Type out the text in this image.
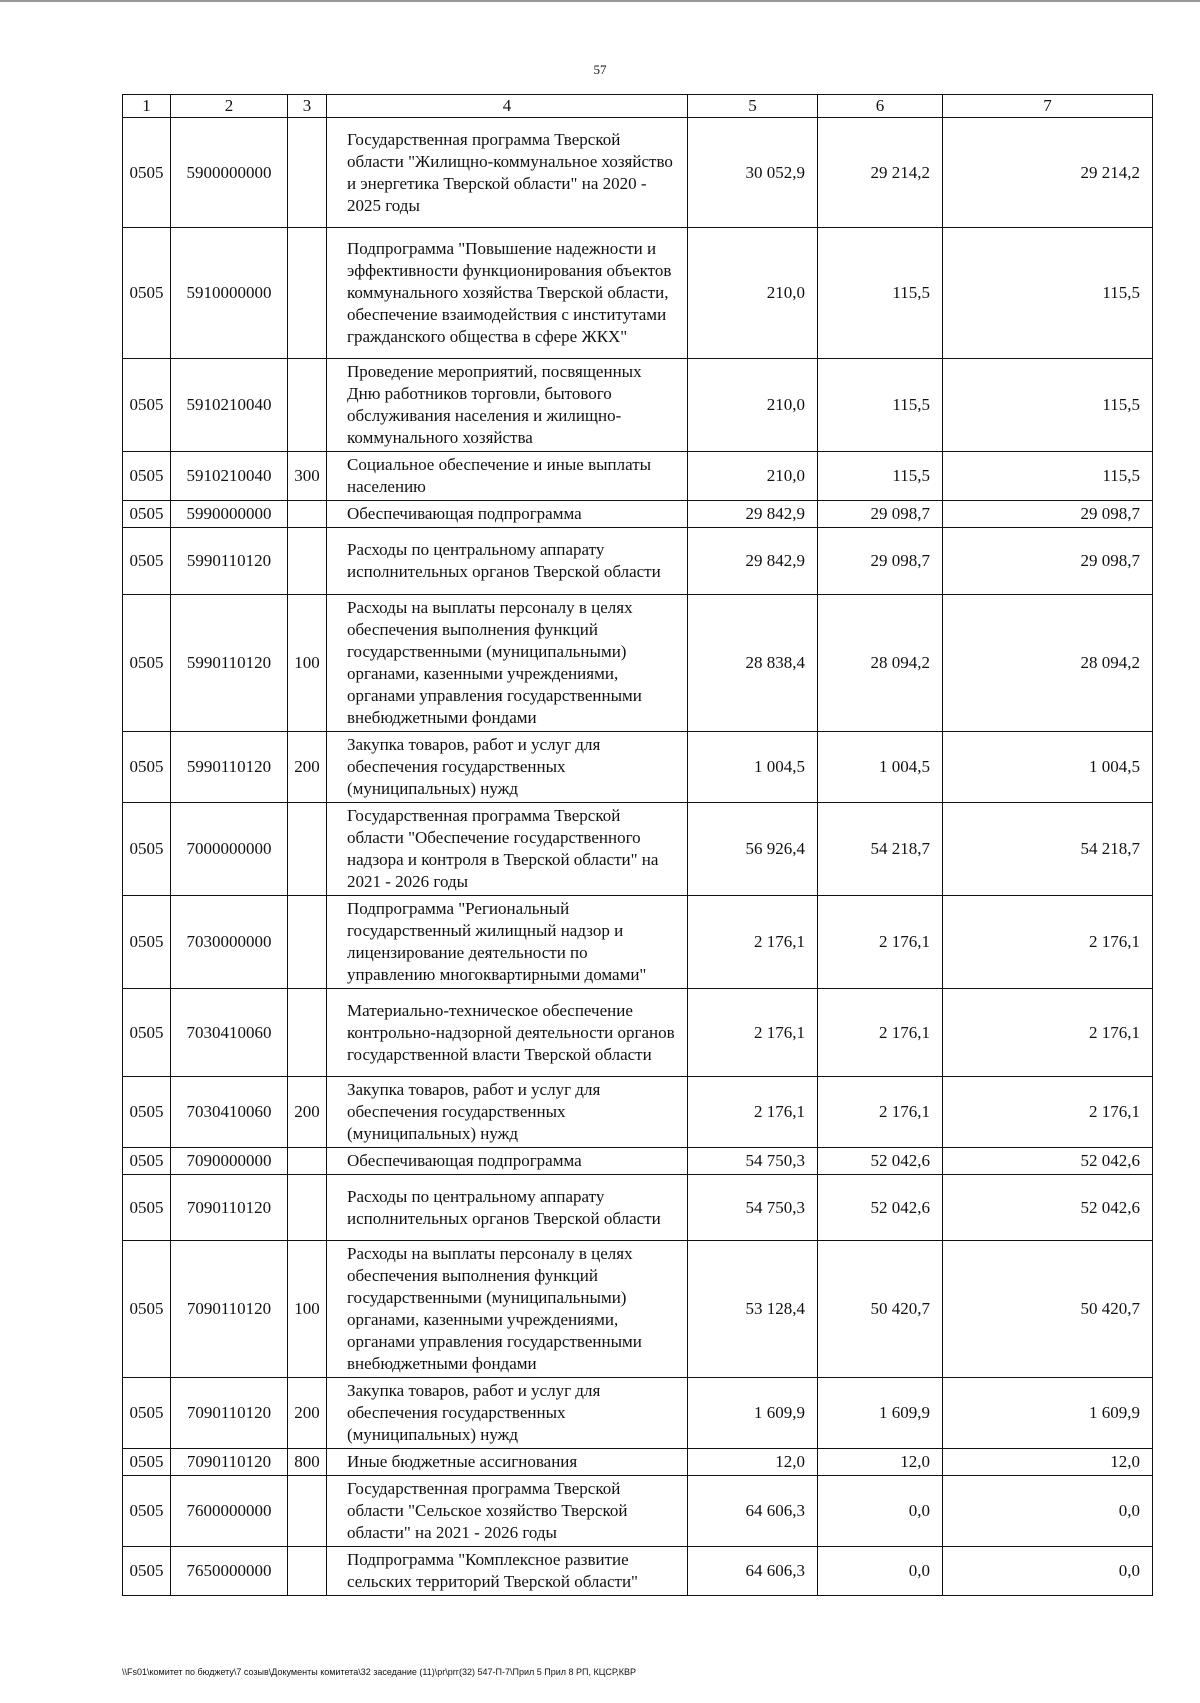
57
1	2	3	4	5	6	7
0505	5900000000		Государственная программа Тверской области "Жилищно-коммунальное хозяйство и энергетика Тверской области" на 2020 - 2025 годы	30 052,9	29 214,2	29 214,2
0505	5910000000		Подпрограмма "Повышение надежности и эффективности функционирования объектов коммунального хозяйства Тверской области, обеспечение взаимодействия с институтами гражданского общества в сфере ЖКХ"	210,0	115,5	115,5
0505	5910210040		Проведение мероприятий, посвященных Дню работников торговли, бытового обслуживания населения и жилищно-коммунального хозяйства	210,0	115,5	115,5
0505	5910210040	300	Социальное обеспечение и иные выплаты населению	210,0	115,5	115,5
0505	5990000000		Обеспечивающая подпрограмма	29 842,9	29 098,7	29 098,7
0505	5990110120		Расходы по центральному аппарату исполнительных органов Тверской области	29 842,9	29 098,7	29 098,7
0505	5990110120	100	Расходы на выплаты персоналу в целях обеспечения выполнения функций государственными (муниципальными) органами, казенными учреждениями, органами управления государственными внебюджетными фондами	28 838,4	28 094,2	28 094,2
0505	5990110120	200	Закупка товаров, работ и услуг для обеспечения государственных (муниципальных) нужд	1 004,5	1 004,5	1 004,5
0505	7000000000		Государственная программа Тверской области "Обеспечение государственного надзора и контроля в Тверской области" на 2021 - 2026 годы	56 926,4	54 218,7	54 218,7
0505	7030000000		Подпрограмма "Региональный государственный жилищный надзор и лицензирование деятельности по управлению многоквартирными домами"	2 176,1	2 176,1	2 176,1
0505	7030410060		Материально-техническое обеспечение контрольно-надзорной деятельности органов государственной власти Тверской области	2 176,1	2 176,1	2 176,1
0505	7030410060	200	Закупка товаров, работ и услуг для обеспечения государственных (муниципальных) нужд	2 176,1	2 176,1	2 176,1
0505	7090000000		Обеспечивающая подпрограмма	54 750,3	52 042,6	52 042,6
0505	7090110120		Расходы по центральному аппарату исполнительных органов Тверской области	54 750,3	52 042,6	52 042,6
0505	7090110120	100	Расходы на выплаты персоналу в целях обеспечения выполнения функций государственными (муниципальными) органами, казенными учреждениями, органами управления государственными внебюджетными фондами	53 128,4	50 420,7	50 420,7
0505	7090110120	200	Закупка товаров, работ и услуг для обеспечения государственных (муниципальных) нужд	1 609,9	1 609,9	1 609,9
0505	7090110120	800	Иные бюджетные ассигнования	12,0	12,0	12,0
0505	7600000000		Государственная программа Тверской области "Сельское хозяйство Тверской области" на 2021 - 2026 годы	64 606,3	0,0	0,0
0505	7650000000		Подпрограмма "Комплексное развитие сельских территорий Тверской области"	64 606,3	0,0	0,0
\\Fs01\комитет по бюджету\7 созыв\Документы комитета\32 заседание (11)\pr\prг(32) 547-П-7\Прил 5 Прил 8 РП, КЦСР,КВР
